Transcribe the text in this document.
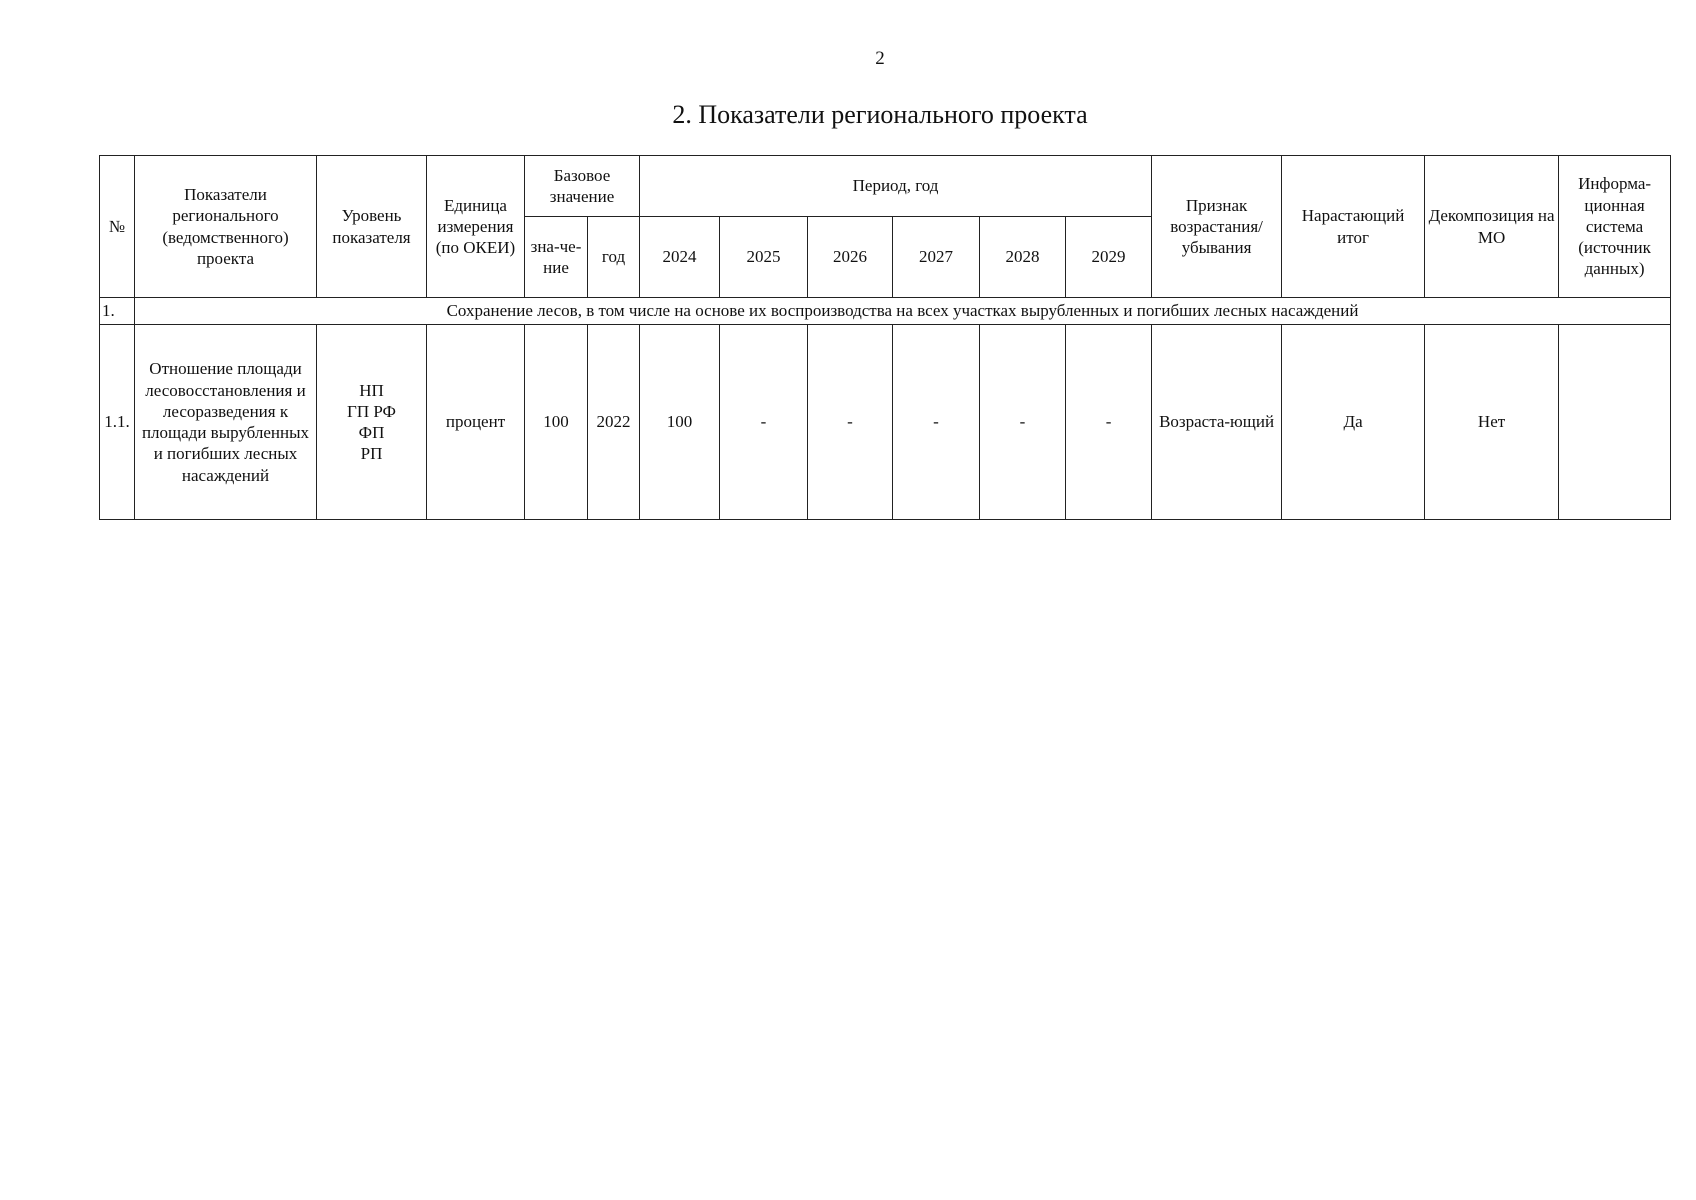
2
2. Показатели регионального проекта
№	Показатели регионального (ведомственного) проекта	Уровень показателя	Единица измерения (по ОКЕИ)	Базовое значение		Период, год						Признак возрастания/ убывания	Нарастающий итог	Декомпозиция на МО	Информа-ционная система (источник данных)
				зна-че-ние	год	2024	2025	2026	2027	2028	2029				
1.	Сохранение лесов, в том числе на основе их воспроизводства на всех участках вырубленных и погибших лесных насаждений														
1.1.	Отношение площади лесовосстановления и лесоразведения к площади вырубленных и погибших лесных насаждений	НП
ГП РФ
ФП
РП	процент	100	2022	100	-	-	-	-	-	Возраста-ющий	Да	Нет	
